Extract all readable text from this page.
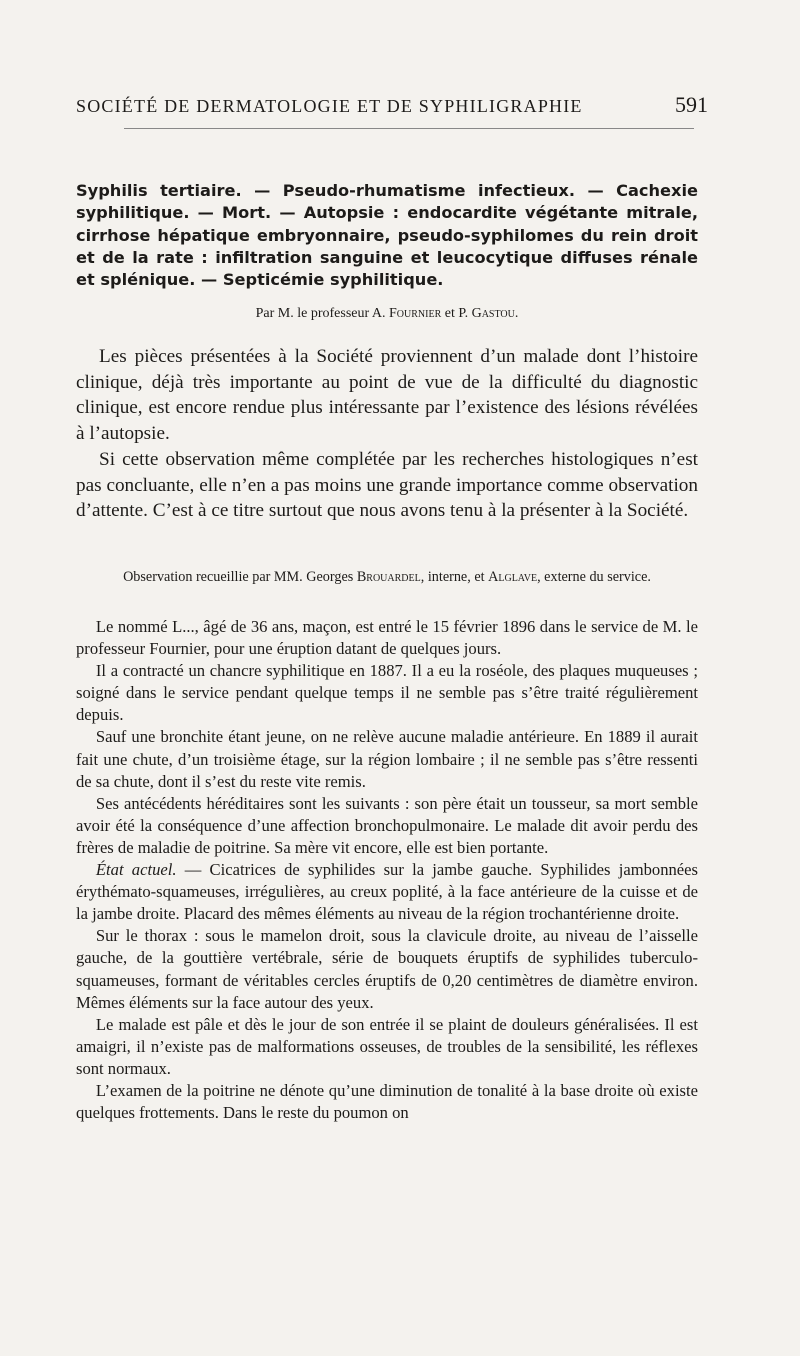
SOCIÉTÉ DE DERMATOLOGIE ET DE SYPHILIGRAPHIE	591

Syphilis tertiaire. — Pseudo-rhumatisme infectieux. — Cachexie syphilitique. — Mort. — Autopsie : endocardite végétante mitrale, cirrhose hépatique embryonnaire, pseudo-syphilomes du rein droit et de la rate : infiltration sanguine et leucocytique diffuses rénale et splénique. — Septicémie syphilitique.

Par M. le professeur A. Fournier et P. Gastou.

Les pièces présentées à la Société proviennent d’un malade dont l’histoire clinique, déjà très importante au point de vue de la difficulté du diagnostic clinique, est encore rendue plus intéressante par l’existence des lésions révélées à l’autopsie.

Si cette observation même complétée par les recherches histologiques n’est pas concluante, elle n’en a pas moins une grande importance comme observation d’attente. C’est à ce titre surtout que nous avons tenu à la présenter à la Société.

Observation recueillie par MM. Georges Brouardel, interne, et Alglave, externe du service.

Le nommé L..., âgé de 36 ans, maçon, est entré le 15 février 1896 dans le service de M. le professeur Fournier, pour une éruption datant de quelques jours.

Il a contracté un chancre syphilitique en 1887. Il a eu la roséole, des plaques muqueuses ; soigné dans le service pendant quelque temps il ne semble pas s’être traité régulièrement depuis.

Sauf une bronchite étant jeune, on ne relève aucune maladie antérieure. En 1889 il aurait fait une chute, d’un troisième étage, sur la région lombaire ; il ne semble pas s’être ressenti de sa chute, dont il s’est du reste vite remis.

Ses antécédents héréditaires sont les suivants : son père était un tousseur, sa mort semble avoir été la conséquence d’une affection bronchopulmonaire. Le malade dit avoir perdu des frères de maladie de poitrine. Sa mère vit encore, elle est bien portante.

État actuel. — Cicatrices de syphilides sur la jambe gauche. Syphilides jambonnées érythémato-squameuses, irrégulières, au creux poplité, à la face antérieure de la cuisse et de la jambe droite. Placard des mêmes éléments au niveau de la région trochantérienne droite.

Sur le thorax : sous le mamelon droit, sous la clavicule droite, au niveau de l’aisselle gauche, de la gouttière vertébrale, série de bouquets éruptifs de syphilides tuberculo-squameuses, formant de véritables cercles éruptifs de 0,20 centimètres de diamètre environ. Mêmes éléments sur la face autour des yeux.

Le malade est pâle et dès le jour de son entrée il se plaint de douleurs généralisées. Il est amaigri, il n’existe pas de malformations osseuses, de troubles de la sensibilité, les réflexes sont normaux.

L’examen de la poitrine ne dénote qu’une diminution de tonalité à la base droite où existe quelques frottements. Dans le reste du poumon on
